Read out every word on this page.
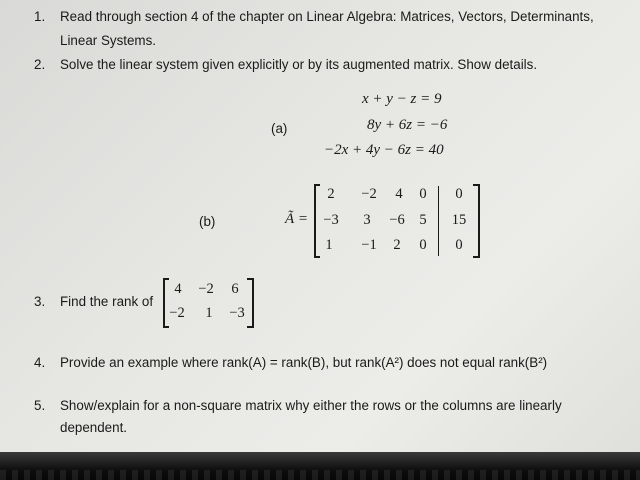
1. Read through section 4 of the chapter on Linear Algebra: Matrices, Vectors, Determinants,
Linear Systems.
2. Solve the linear system given explicitly or by its augmented matrix. Show details.
(a)
x + y − z = 9
8y + 6z = −6
−2x + 4y − 6z = 40
(b)	Ã =
2	−2	4	0	0
−3	3	−6	5	15
1	−1	2	0	0
3. Find the rank of
4	−2	6
−2	1	−3
4. Provide an example where rank(A) = rank(B), but rank(A²) does not equal rank(B²)
5. Show/explain for a non-square matrix why either the rows or the columns are linearly
dependent.
